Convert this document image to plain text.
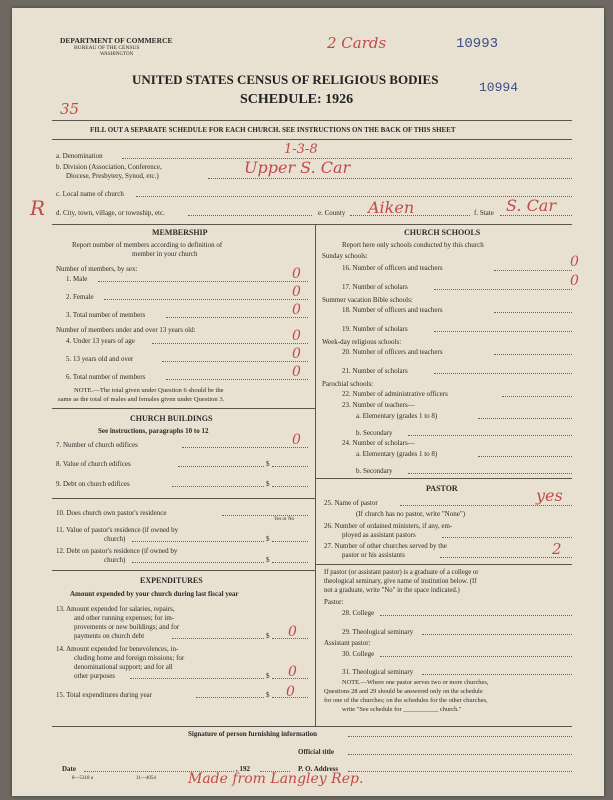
DEPARTMENT OF COMMERCE
BUREAU OF THE CENSUS
WASHINGTON
2 Cards	10993
10994
UNITED STATES CENSUS OF RELIGIOUS BODIES
SCHEDULE: 1926
35
FILL OUT A SEPARATE SCHEDULE FOR EACH CHURCH. SEE INSTRUCTIONS ON THE BACK OF THIS SHEET
a. Denomination	1-3-8
b. Division (Association, Conference,
Diocese, Presbytery, Synod, etc.)	Upper S. Car
R
c. Local name of church
d. City, town, village, or township, etc.	e. County Aiken	f. State S. Car
MEMBERSHIP
Report number of members according to definition of
member in your church
Number of members, by sex:
1. Male	0
2. Female	0
3. Total number of members	0
Number of members under and over 13 years old:
4. Under 13 years of age	0
5. 13 years old and over	0
6. Total number of members	0
NOTE.—The total given under Question 6 should be the
same as the total of males and females given under Question 3.
CHURCH BUILDINGS
See instructions, paragraphs 10 to 12
7. Number of church edifices	0
8. Value of church edifices	$
9. Debt on church edifices	$
10. Does church own pastor's residence
Yes or No
11. Value of pastor's residence (if owned by
church)	$
12. Debt on pastor's residence (if owned by
church)	$
EXPENDITURES
Amount expended by your church during last fiscal year
13. Amount expended for salaries, repairs,
and other running expenses; for im-
provements or new buildings; and for
payments on church debt	$ 0
14. Amount expended for benevolences, in-
cluding home and foreign missions; for
denominational support; and for all
other purposes	$ 0
15. Total expenditures during year	$ 0
CHURCH SCHOOLS
Report here only schools conducted by this church
Sunday schools:
16. Number of officers and teachers	0
17. Number of scholars	0
Summer vacation Bible schools:
18. Number of officers and teachers
19. Number of scholars
Week-day religious schools:
20. Number of officers and teachers
21. Number of scholars
Parochial schools:
22. Number of administrative officers
23. Number of teachers—
a. Elementary (grades 1 to 8)
b. Secondary
24. Number of scholars—
a. Elementary (grades 1 to 8)
b. Secondary
PASTOR
25. Name of pastor	yes
(If church has no pastor, write "None")
26. Number of ordained ministers, if any, em-
ployed as assistant pastors
27. Number of other churches served by the
pastor or his assistants	2
If pastor (or assistant pastor) is a graduate of a college or
theological seminary, give name of institution below. (If
not a graduate, write "No" in the space indicated.)
Pastor:
28. College
29. Theological seminary
Assistant pastor:
30. College
31. Theological seminary
NOTE.—Where one pastor serves two or more churches,
Questions 28 and 29 should be answered only on the schedule
for one of the churches; on the schedules for the other churches,
write "See schedule for ___________ church."
Signature of person furnishing information
Official title
Date	, 192	P. O. Address
8—5318 a	11—4054 Made from Langley Rep.
